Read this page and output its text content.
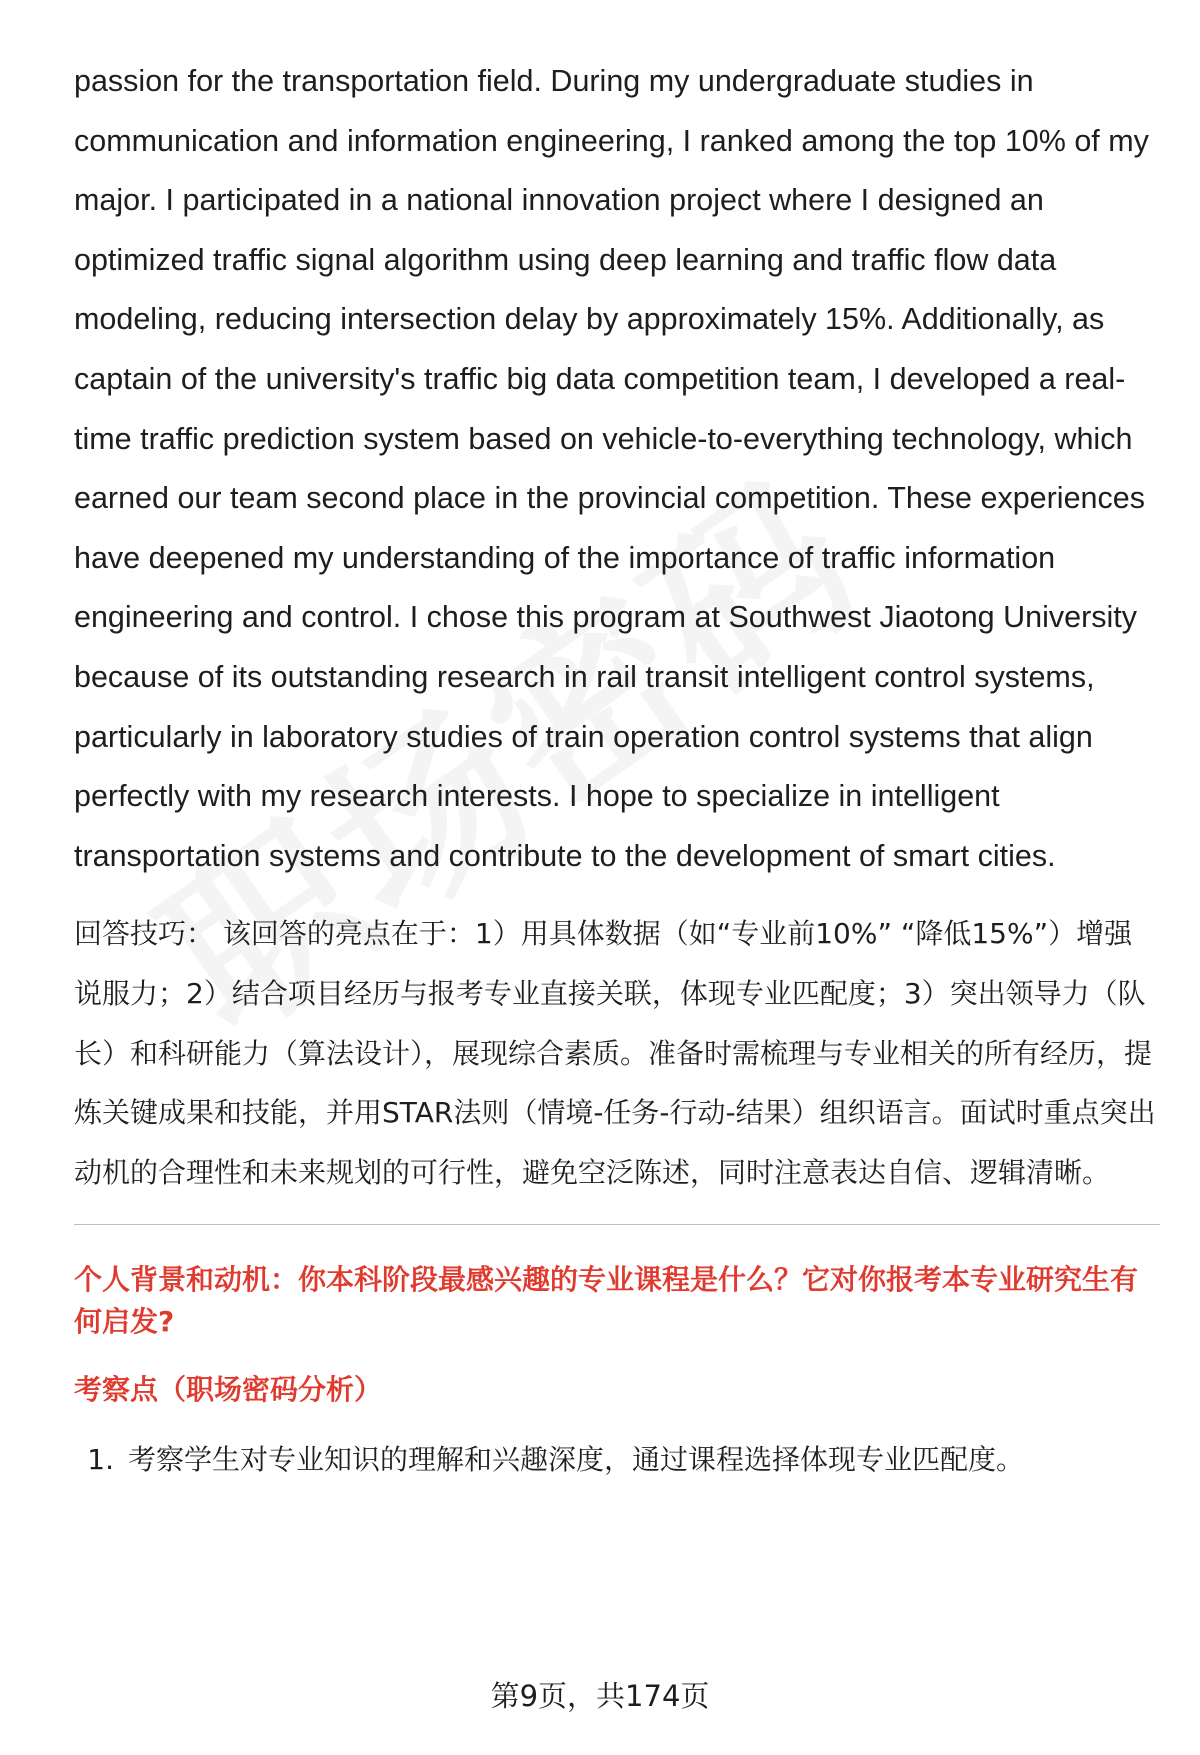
passion for the transportation field. During my undergraduate studies in communication and information engineering, I ranked among the top 10% of my major. I participated in a national innovation project where I designed an optimized traffic signal algorithm using deep learning and traffic flow data modeling, reducing intersection delay by approximately 15%. Additionally, as captain of the university's traffic big data competition team, I developed a real-time traffic prediction system based on vehicle-to-everything technology, which earned our team second place in the provincial competition. These experiences have deepened my understanding of the importance of traffic information engineering and control. I chose this program at Southwest Jiaotong University because of its outstanding research in rail transit intelligent control systems, particularly in laboratory studies of train operation control systems that align perfectly with my research interests. I hope to specialize in intelligent transportation systems and contribute to the development of smart cities.

回答技巧： 该回答的亮点在于：1）用具体数据（如“专业前10%” “降低15%”）增强说服力；2）结合项目经历与报考专业直接关联，体现专业匹配度；3）突出领导力（队长）和科研能力（算法设计），展现综合素质。准备时需梳理与专业相关的所有经历，提炼关键成果和技能，并用STAR法则（情境-任务-行动-结果）组织语言。面试时重点突出动机的合理性和未来规划的可行性，避免空泛陈述，同时注意表达自信、逻辑清晰。

个人背景和动机：你本科阶段最感兴趣的专业课程是什么？它对你报考本专业研究生有何启发?

考察点（职场密码分析）

1. 考察学生对专业知识的理解和兴趣深度，通过课程选择体现专业匹配度。
第9页，共174页
